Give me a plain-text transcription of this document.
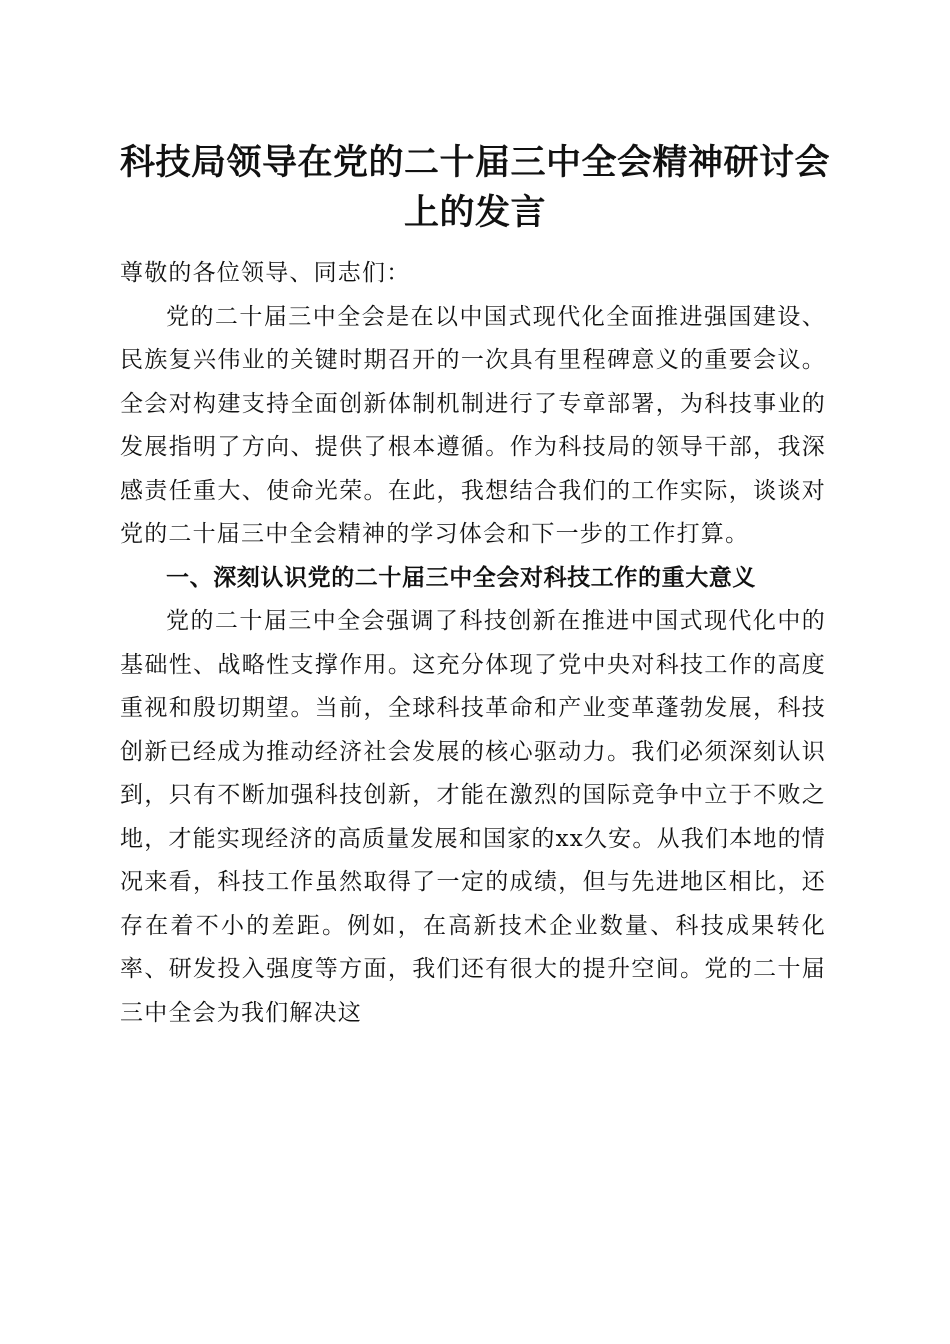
科技局领导在党的二十届三中全会精神研讨会上的发言

尊敬的各位领导、同志们：

党的二十届三中全会是在以中国式现代化全面推进强国建设、民族复兴伟业的关键时期召开的一次具有里程碑意义的重要会议。全会对构建支持全面创新体制机制进行了专章部署，为科技事业的发展指明了方向、提供了根本遵循。作为科技局的领导干部，我深感责任重大、使命光荣。在此，我想结合我们的工作实际，谈谈对党的二十届三中全会精神的学习体会和下一步的工作打算。

一、深刻认识党的二十届三中全会对科技工作的重大意义

党的二十届三中全会强调了科技创新在推进中国式现代化中的基础性、战略性支撑作用。这充分体现了党中央对科技工作的高度重视和殷切期望。当前，全球科技革命和产业变革蓬勃发展，科技创新已经成为推动经济社会发展的核心驱动力。我们必须深刻认识到，只有不断加强科技创新，才能在激烈的国际竞争中立于不败之地，才能实现经济的高质量发展和国家的xx久安。从我们本地的情况来看，科技工作虽然取得了一定的成绩，但与先进地区相比，还存在着不小的差距。例如，在高新技术企业数量、科技成果转化率、研发投入强度等方面，我们还有很大的提升空间。党的二十届三中全会为我们解决这
